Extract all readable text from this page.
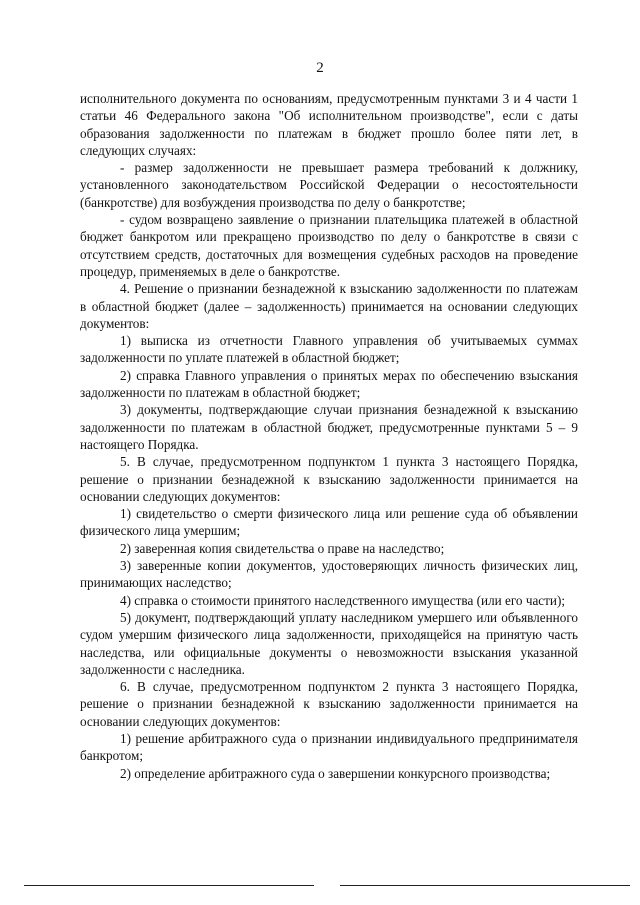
2

исполнительного документа по основаниям, предусмотренным пунктами 3 и 4 части 1 статьи 46 Федерального закона "Об исполнительном производстве", если с даты образования задолженности по платежам в бюджет прошло более пяти лет, в следующих случаях:

- размер задолженности не превышает размера требований к должнику, установленного законодательством Российской Федерации о несостоятельности (банкротстве) для возбуждения производства по делу о банкротстве;

- судом возвращено заявление о признании плательщика платежей в областной бюджет банкротом или прекращено производство по делу о банкротстве в связи с отсутствием средств, достаточных для возмещения судебных расходов на проведение процедур, применяемых в деле о банкротстве.

4. Решение о признании безнадежной к взысканию задолженности по платежам в областной бюджет (далее – задолженность) принимается на основании следующих документов:

1) выписка из отчетности Главного управления об учитываемых суммах задолженности по уплате платежей в областной бюджет;

2) справка Главного управления о принятых мерах по обеспечению взыскания задолженности по платежам в областной бюджет;

3) документы, подтверждающие случаи признания безнадежной к взысканию задолженности по платежам в областной бюджет, предусмотренные пунктами 5 – 9 настоящего Порядка.

5. В случае, предусмотренном подпунктом 1 пункта 3 настоящего Порядка, решение о признании безнадежной к взысканию задолженности принимается на основании следующих документов:

1) свидетельство о смерти физического лица или решение суда об объявлении физического лица умершим;

2) заверенная копия свидетельства о праве на наследство;

3) заверенные копии документов, удостоверяющих личность физических лиц, принимающих наследство;

4) справка о стоимости принятого наследственного имущества (или его части);

5) документ, подтверждающий уплату наследником умершего или объявленного судом умершим физического лица задолженности, приходящейся на принятую часть наследства, или официальные документы о невозможности взыскания указанной задолженности с наследника.

6. В случае, предусмотренном подпунктом 2 пункта 3 настоящего Порядка, решение о признании безнадежной к взысканию задолженности принимается на основании следующих документов:

1) решение арбитражного суда о признании индивидуального предпринимателя банкротом;

2) определение арбитражного суда о завершении конкурсного производства;
